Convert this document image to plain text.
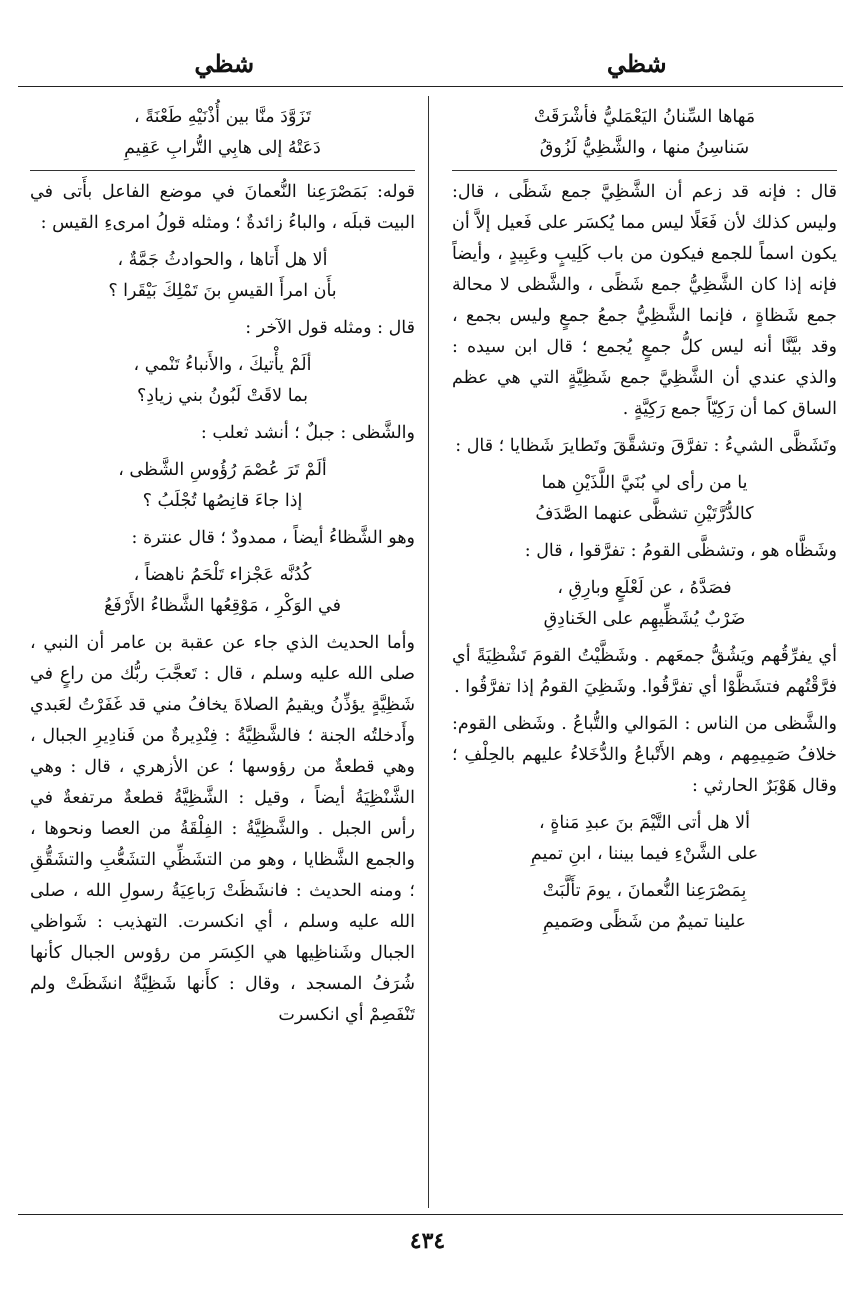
شظي
شظي
مَهاها السِّنانُ اليَعْمَليُّ فأشْرَقَتْ
سَناسِنُ منها ، والشَّظِيُّ لَزُوقُ
قال : فإنه قد زعم أن الشَّظِيَّ جمع شَظًى ، قال: وليس كذلك لأن فَعَلًا ليس مما يُكسَر على فَعيل إلاَّ أن يكون اسماً للجمع فيكون من باب كَلِيبٍ وعَبِيدٍ ، وأيضاً فإنه إذا كان الشَّظِيُّ جمع شَظًى ، والشَّظى لا محالة جمع شَظاةٍ ، فإنما الشَّظِيُّ جمعُ جمعٍ وليس بجمع ، وقد بيَّنَّا أنه ليس كلُّ جمعٍ يُجمع ؛ قال ابن سيده : والذي عندي أن الشَّظِيَّ جمع شَظِيَّةٍ التي هي عظم الساق كما أن رَكِيّاً جمع رَكِيَّةٍ .
وتَشَظَّى الشيءُ : تفرَّقَ وتشقَّقَ وتَطايرَ شَظايا ؛ قال :
يا من رأى لي بُنَيَّ اللَّذَيْنِ هما
كالدُّرَّتَيْنِ تشظَّى عنهما الصَّدَفُ
وشَظَّاه هو ، وتشظَّى القومُ : تفرَّقوا ، قال :
فصَدَّهُ ، عن لَعْلَعٍ وبارِقِ ،
ضَرْبٌ يُشَظِّيهِم على الخَنادِقِ
أي يفرِّقُهم ويَشُقُّ جمعَهم . وشَظَّيْتُ القومَ تَشْظِيَةً أي فرَّقْتُهم فتشَظَّوْا أي تفرَّقُوا. وشَظِيَ القومُ إذا تفرَّقُوا .
والشَّظى من الناس : المَوالي والتُّباعُ . وشَظى القوم: خلافُ صَمِيمِهم ، وهم الأَتْباعُ والدُّخَلاءُ عليهم بالحِلْفِ ؛ وقال هَوْبَرٌ الحارثي :
ألا هل أتى التَّيْمَ بنَ عبدِ مَناةٍ ،
على الشَّنْءِ فيما بيننا ، ابنِ تميمِ
بِمَصْرَعِنا النُّعمانَ ، يومَ تأَلَّبَتْ
علينا تميمٌ من شَظًى وصَميمِ
تَزَوَّدَ منَّا بين أُذْنَيْهِ طَعْنَةً ،
دَعَتْهُ إلى هابِي التُّرابِ عَقِيمِ
قوله: بَمَصْرَعِنا النُّعمانَ في موضع الفاعل بأَتى في البيت قبلَه ، والباءُ زائدةٌ ؛ ومثله قولُ امرىءِ القيس :
ألا هل أَتاها ، والحوادثُ جَمَّةٌ ،
بأَن امرأَ القيسِ بنَ تَمْلِكَ بَيْقَرا ؟
قال : ومثله قول الآخر :
ألَمْ يأْتيكَ ، والأَنباءُ تَنْمي ،
بما لاقَتْ لَبُونُ بني زيادِ؟
والشَّظى : جبلٌ ؛ أنشد ثعلب :
ألَمْ تَرَ عُصْمَ رُؤُوسِ الشَّظى ،
إذا جاءَ قانِصُها تُجْلَبُ ؟
وهو الشَّظاءُ أيضاً ، ممدودٌ ؛ قال عنترة :
كُدُنَّه عَجْزاء تَلْحَمُ ناهضاً ،
في الوَكْرِ ، مَوْقِعُها الشَّظاءُ الأَرْفَعُ
وأما الحديث الذي جاء عن عقبة بن عامر أن النبي ، صلى الله عليه وسلم ، قال : تَعجَّبَ ربُّك من راعٍ في شَظِيَّةٍ يؤذِّنُ ويقيمُ الصلاةَ يخافُ مني قد غَفَرْتُ لعَبدي وأَدخلتُه الجنة ؛ فالشَّظِيَّةُ : فِنْدِيرةٌ من فَنادِيرِ الجبال ، وهي قطعةٌ من رؤوسها ؛ عن الأزهري ، قال : وهي الشَّنْظِيَةُ أيضاً ، وقيل : الشَّظِيَّةُ قطعةٌ مرتفعةٌ في رأس الجبل . والشَّظِيَّةُ : الفِلْقَةُ من العصا ونحوها ، والجمع الشَّظايا ، وهو من التشَظِّي التشَعُّبِ والتشَقُّقِ ؛ ومنه الحديث : فانشَظَتْ رَباعِيَةُ رسولِ الله ، صلى الله عليه وسلم ، أي انكسرت. التهذيب : شَواظي الجبال وشَناظِيها هي الكِسَر من رؤوس الجبال كأنها شُرَفُ المسجد ، وقال : كأَنها شَظِيَّةٌ انشَظَتْ ولم تَنْفَصِمْ أي انكسرت
٤٣٤
